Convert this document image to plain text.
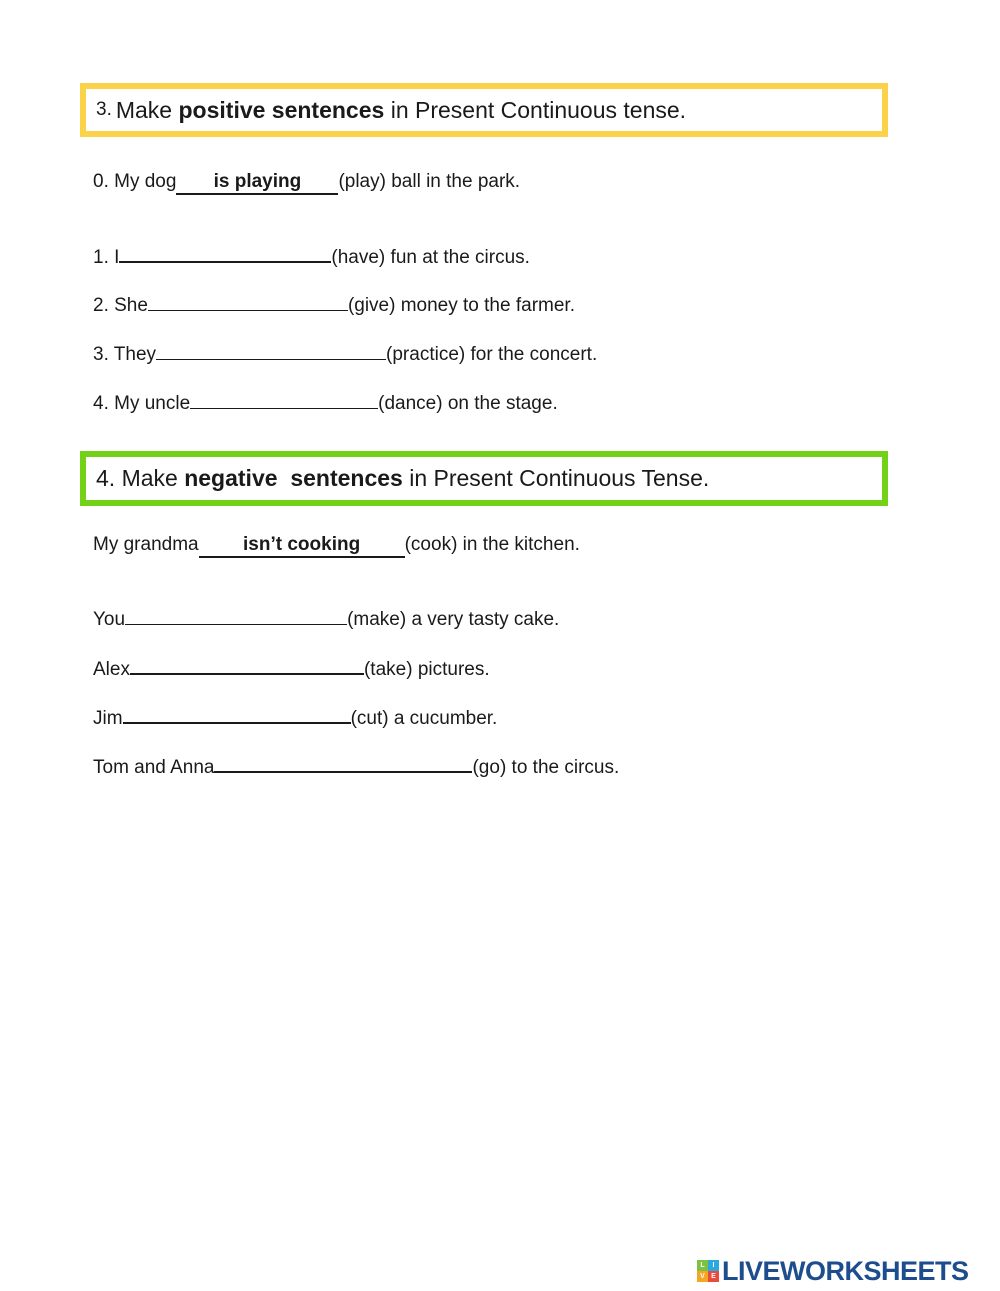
3. Make
positive sentences
in Present Continuous tense.
0. My dog is playing (play) ball in the park.
1. I	(have) fun at the circus.
2. She	(give) money to the farmer.
3. They	(practice) for the concert.
4. My uncle	(dance) on the stage.
4.
Make
negative  sentences
in Present Continuous Tense.
My grandma isn’t cooking (cook) in the kitchen.
You	(make) a very tasty cake.
Alex	(take) pictures.
Jim	(cut) a cucumber.
Tom and Anna	(go) to the circus.
L	I
V E LIVEWORKSHEETS
